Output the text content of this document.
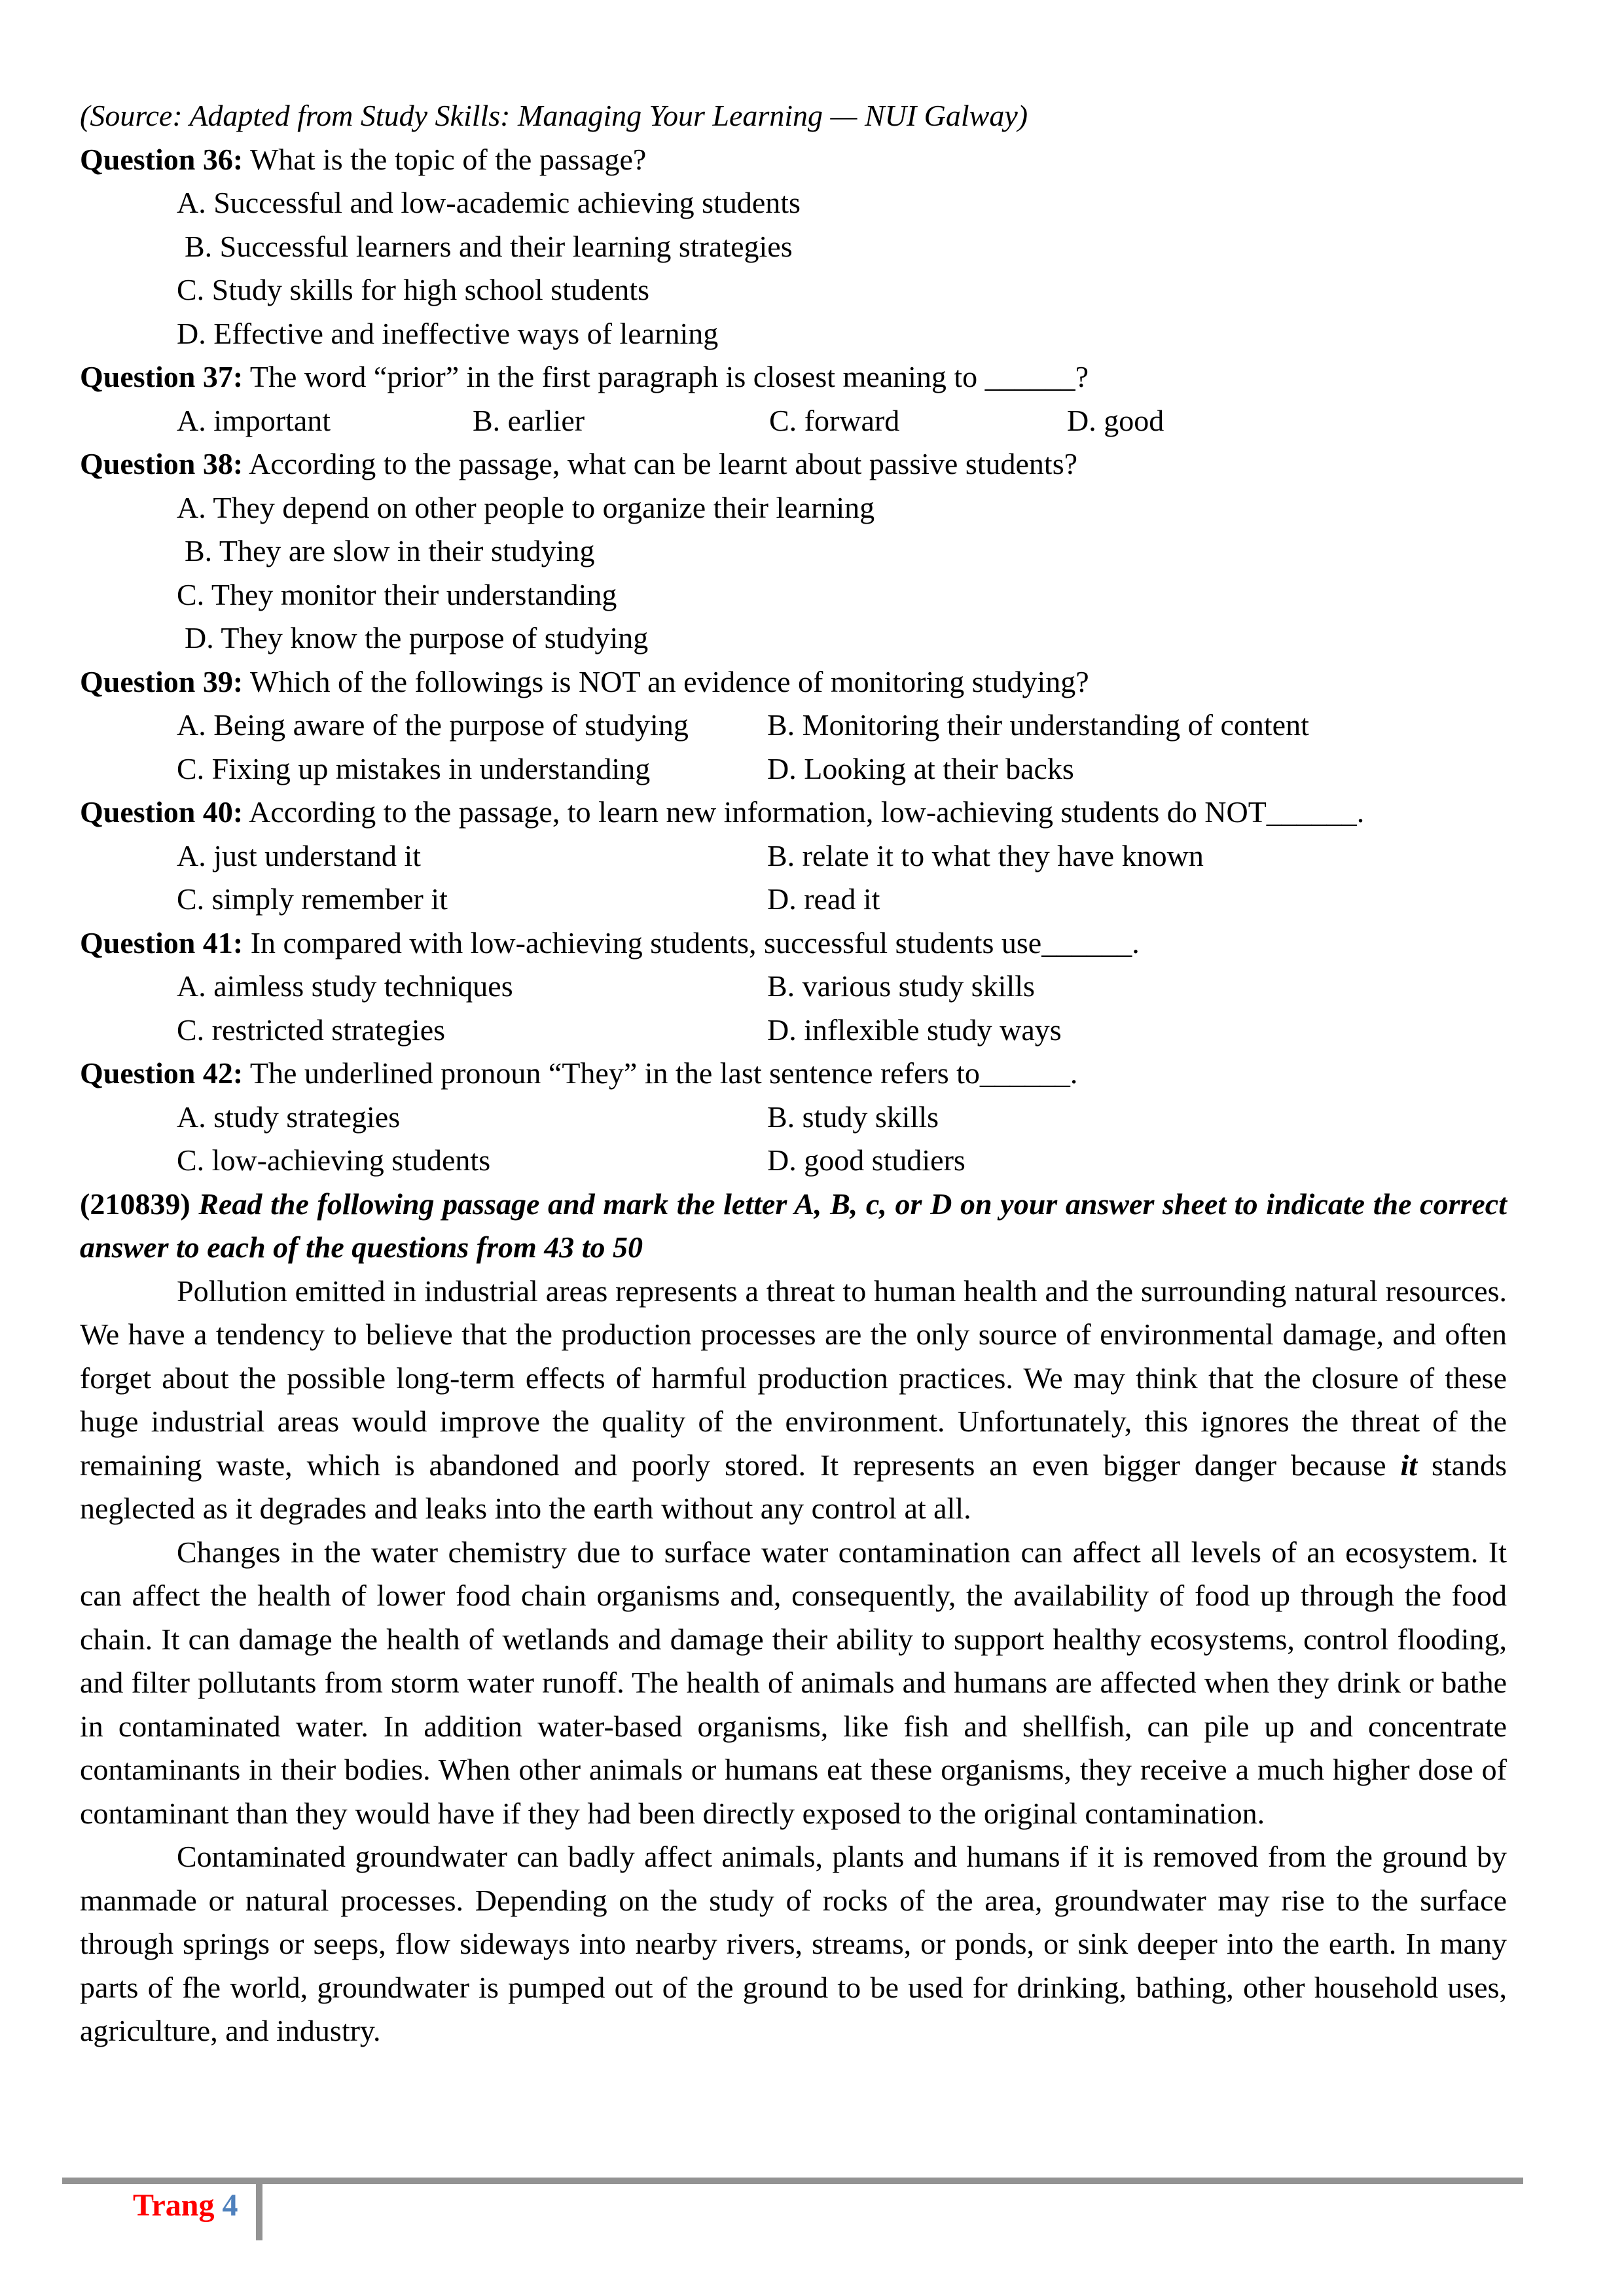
(Source: Adapted from Study Skills: Managing Your Learning — NUI Galway)
Question 36: What is the topic of the passage?
A. Successful and low-academic achieving students
B. Successful learners and their learning strategies
C. Study skills for high school students
D. Effective and ineffective ways of learning
Question 37: The word “prior” in the first paragraph is closest meaning to ______?
A. important	B. earlier	C. forward	D. good
Question 38: According to the passage, what can be learnt about passive students?
A. They depend on other people to organize their learning
B. They are slow in their studying
C. They monitor their understanding
D. They know the purpose of studying
Question 39: Which of the followings is NOT an evidence of monitoring studying?
A. Being aware of the purpose of studying	B. Monitoring their understanding of content
C. Fixing up mistakes in understanding	D. Looking at their backs
Question 40: According to the passage, to learn new information, low-achieving students do NOT______.
A. just understand it	B. relate it to what they have known
C. simply remember it	D. read it
Question 41: In compared with low-achieving students, successful students use______.
A. aimless study techniques	B. various study skills
C. restricted strategies	D. inflexible study ways
Question 42: The underlined pronoun “They” in the last sentence refers to______.
A. study strategies	B. study skills
C. low-achieving students	D. good studiers
(210839) Read the following passage and mark the letter A, B, c, or D on your answer sheet to indicate the correct answer to each of the questions from 43 to 50

Pollution emitted in industrial areas represents a threat to human health and the surrounding natural resources. We have a tendency to believe that the production processes are the only source of environmental damage, and often forget about the possible long-term effects of harmful production practices. We may think that the closure of these huge industrial areas would improve the quality of the environment. Unfortunately, this ignores the threat of the remaining waste, which is abandoned and poorly stored. It represents an even bigger danger because it stands neglected as it degrades and leaks into the earth without any control at all.

Changes in the water chemistry due to surface water contamination can affect all levels of an ecosystem. It can affect the health of lower food chain organisms and, consequently, the availability of food up through the food chain. It can damage the health of wetlands and damage their ability to support healthy ecosystems, control flooding, and filter pollutants from storm water runoff. The health of animals and humans are affected when they drink or bathe in contaminated water. In addition water-based organisms, like fish and shellfish, can pile up and concentrate contaminants in their bodies. When other animals or humans eat these organisms, they receive a much higher dose of contaminant than they would have if they had been directly exposed to the original contamination.

Contaminated groundwater can badly affect animals, plants and humans if it is removed from the ground by manmade or natural processes. Depending on the study of rocks of the area, groundwater may rise to the surface through springs or seeps, flow sideways into nearby rivers, streams, or ponds, or sink deeper into the earth. In many parts of fhe world, groundwater is pumped out of the ground to be used for drinking, bathing, other household uses, agriculture, and industry.

Trang 4
